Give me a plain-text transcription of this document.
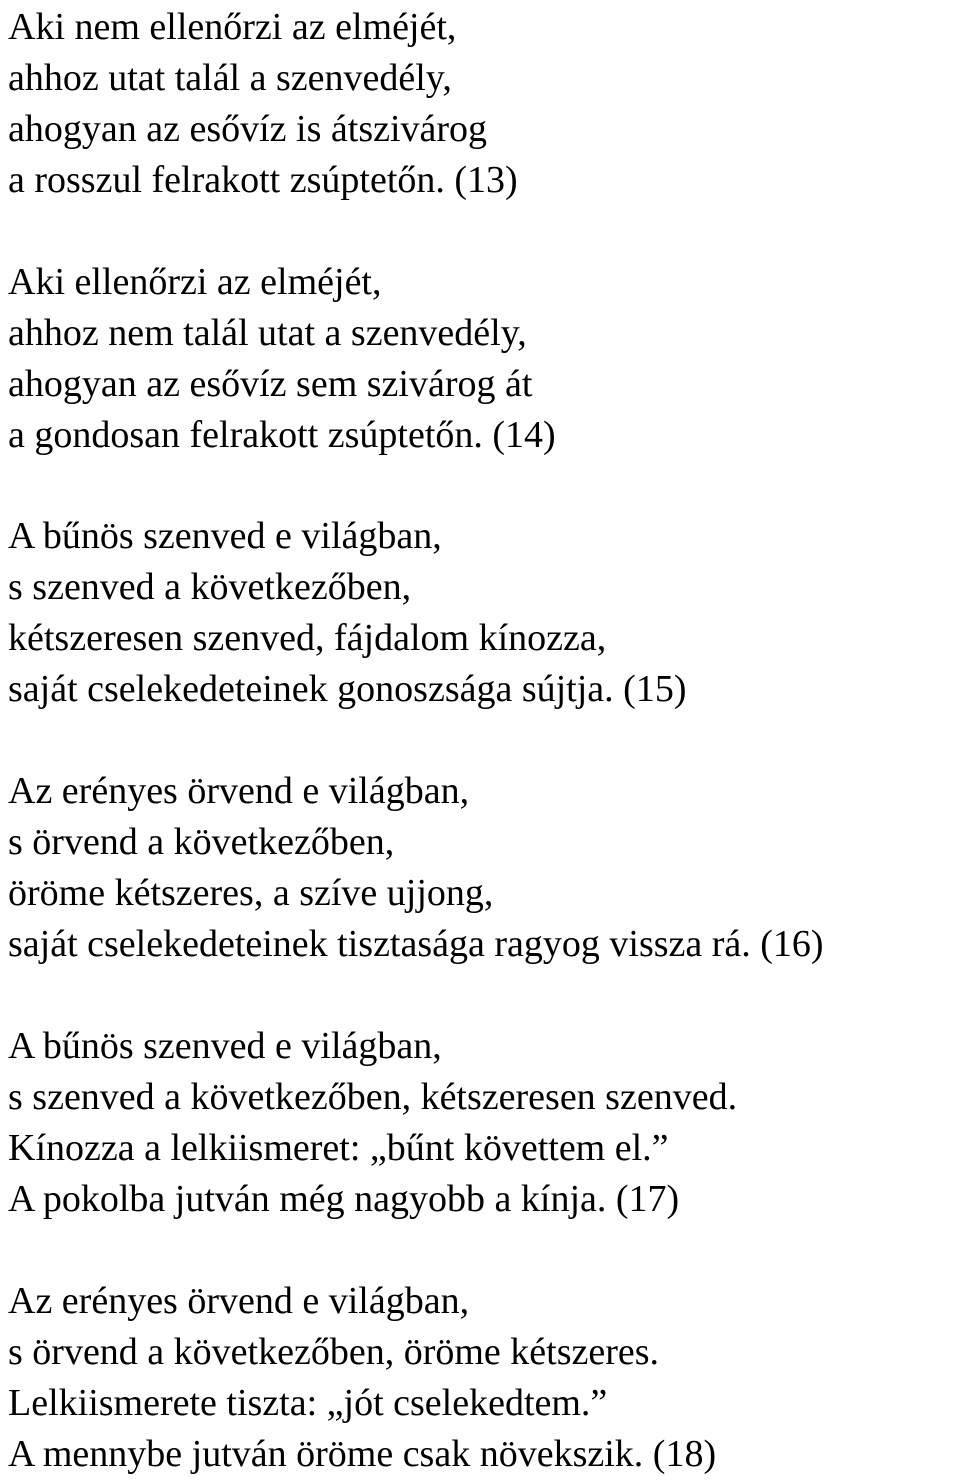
Aki nem ellenőrzi az elméjét,
ahhoz utat talál a szenvedély,
ahogyan az esővíz is átszivárog
a rosszul felrakott zsúptetőn. (13)
Aki ellenőrzi az elméjét,
ahhoz nem talál utat a szenvedély,
ahogyan az esővíz sem szivárog át
a gondosan felrakott zsúptetőn. (14)
A bűnös szenved e világban,
s szenved a következőben,
kétszeresen szenved, fájdalom kínozza,
saját cselekedeteinek gonoszsága sújtja. (15)
Az erényes örvend e világban,
s örvend a következőben,
öröme kétszeres, a szíve ujjong,
saját cselekedeteinek tisztasága ragyog vissza rá. (16)
A bűnös szenved e világban,
s szenved a következőben, kétszeresen szenved.
Kínozza a lelkiismeret: „bűnt követtem el.”
A pokolba jutván még nagyobb a kínja. (17)
Az erényes örvend e világban,
s örvend a következőben, öröme kétszeres.
Lelkiismerete tiszta: „jót cselekedtem.”
A mennybe jutván öröme csak növekszik. (18)
